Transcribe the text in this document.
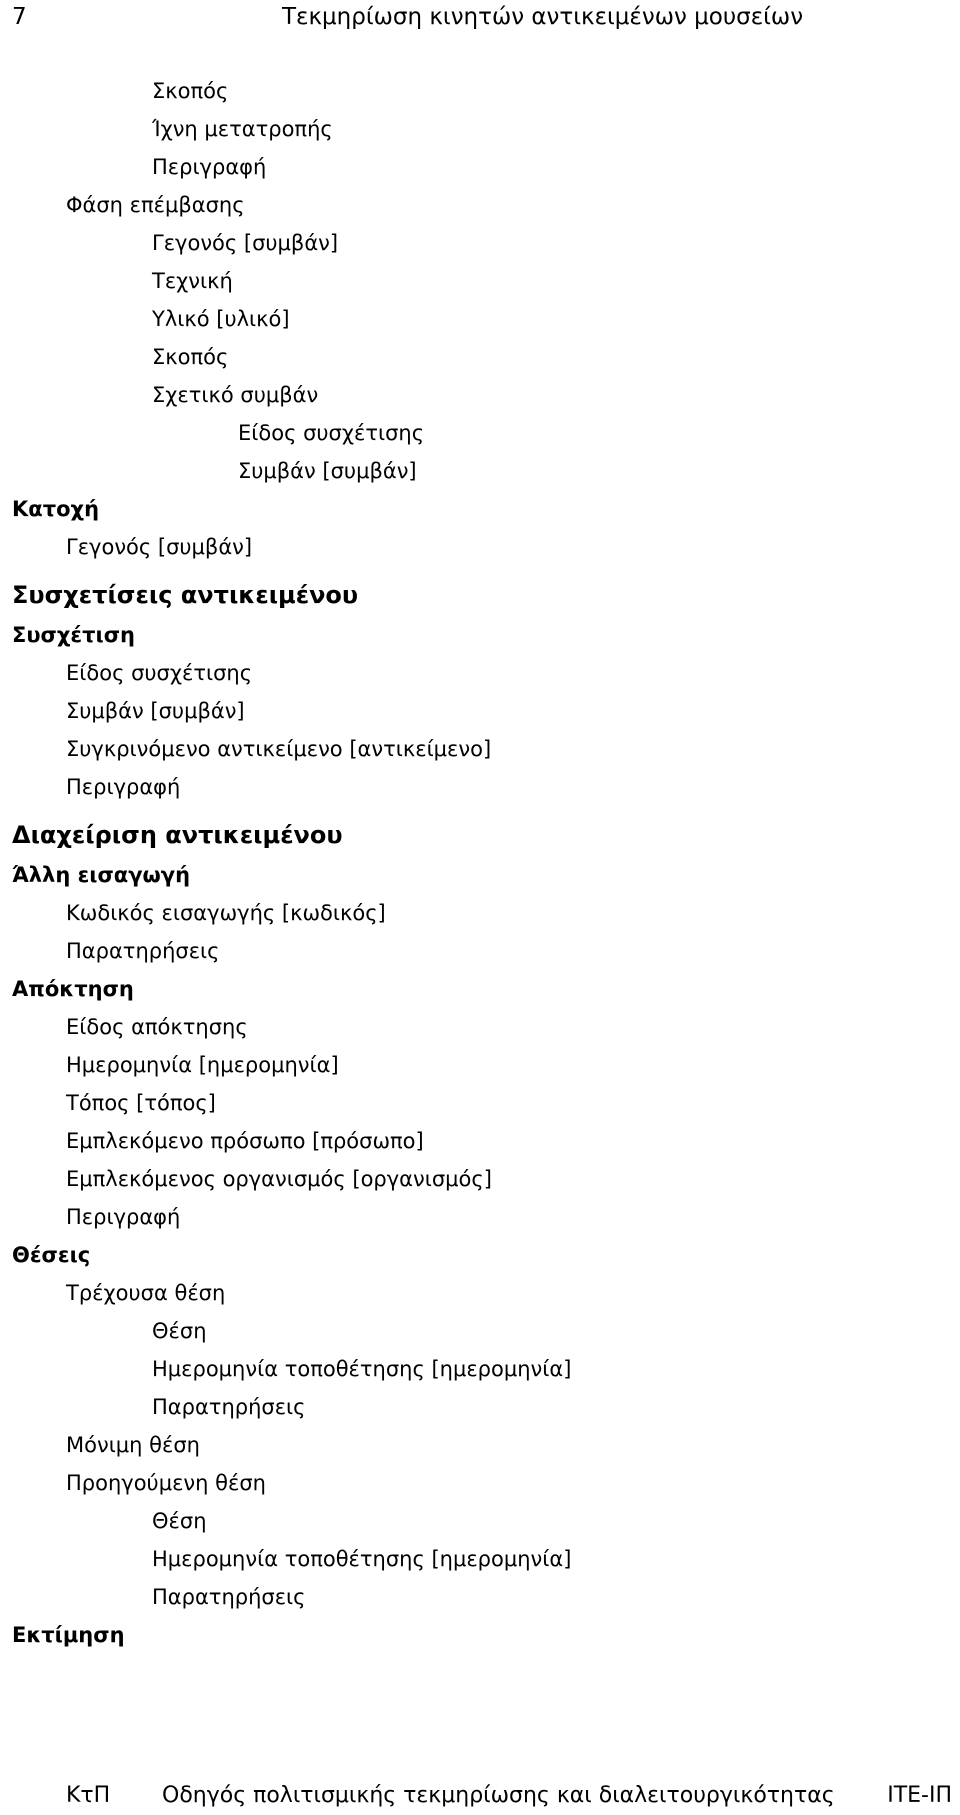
7	Τεκμηρίωση κινητών αντικειμένων μουσείων
Σκοπός
Ίχνη μετατροπής
Περιγραφή
Φάση επέμβασης
Γεγονός [συμβάν]
Τεχνική
Υλικό [υλικό]
Σκοπός
Σχετικό συμβάν
Είδος συσχέτισης
Συμβάν [συμβάν]
Κατοχή
Γεγονός [συμβάν]
Συσχετίσεις αντικειμένου
Συσχέτιση
Είδος συσχέτισης
Συμβάν [συμβάν]
Συγκρινόμενο αντικείμενο [αντικείμενο]
Περιγραφή
Διαχείριση αντικειμένου
Άλλη εισαγωγή
Κωδικός εισαγωγής [κωδικός]
Παρατηρήσεις
Απόκτηση
Είδος απόκτησης
Ημερομηνία [ημερομηνία]
Τόπος [τόπος]
Εμπλεκόμενο πρόσωπο [πρόσωπο]
Εμπλεκόμενος οργανισμός [οργανισμός]
Περιγραφή
Θέσεις
Τρέχουσα θέση
Θέση
Ημερομηνία τοποθέτησης [ημερομηνία]
Παρατηρήσεις
Μόνιμη θέση
Προηγούμενη θέση
Θέση
Ημερομηνία τοποθέτησης [ημερομηνία]
Παρατηρήσεις
Εκτίμηση
ΚτΠ Οδηγός πολιτισμικής τεκμηρίωσης και διαλειτουργικότητας ΙΤΕ-ΙΠ
